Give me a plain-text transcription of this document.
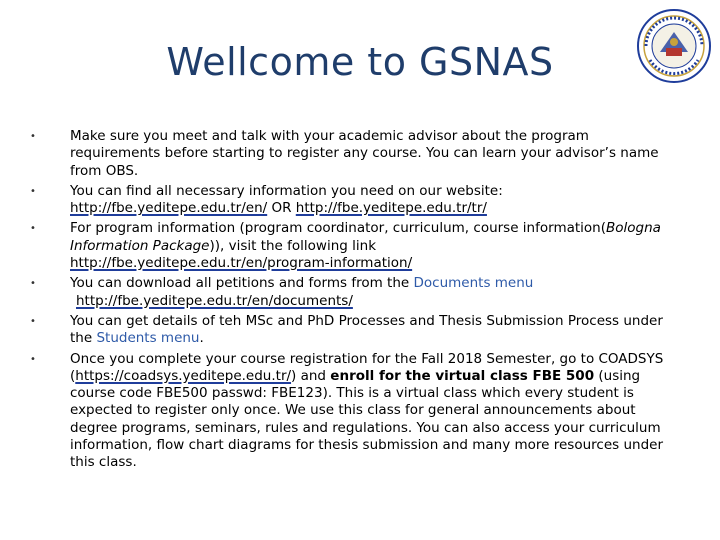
Wellcome to GSNAS
•	Make sure you meet and talk with your academic advisor about the program requirements before starting to register any course. You can learn your advisor’s name from OBS.
•	You can find all necessary information you need on our website:
http://fbe.yeditepe.edu.tr/en/ OR http://fbe.yeditepe.edu.tr/tr/
•	For program information (program coordinator, curriculum, course information(Bologna Information Package)), visit the following link
http://fbe.yeditepe.edu.tr/en/program-information/
•	You can download all petitions and forms from the Documents menu
http://fbe.yeditepe.edu.tr/en/documents/
•	You can get details of teh MSc and PhD Processes and Thesis Submission Process under the Students menu.
•	Once you complete your course registration for the Fall 2018 Semester, go to COADSYS (https://coadsys.yeditepe.edu.tr/) and enroll for the virtual class FBE 500 (using course code FBE500 passwd: FBE123). This is a virtual class which every student is expected to register only once. We use this class for general announcements about degree programs, seminars, rules and regulations. You can also access your curriculum information, flow chart diagrams for thesis submission and many more resources under this class.
